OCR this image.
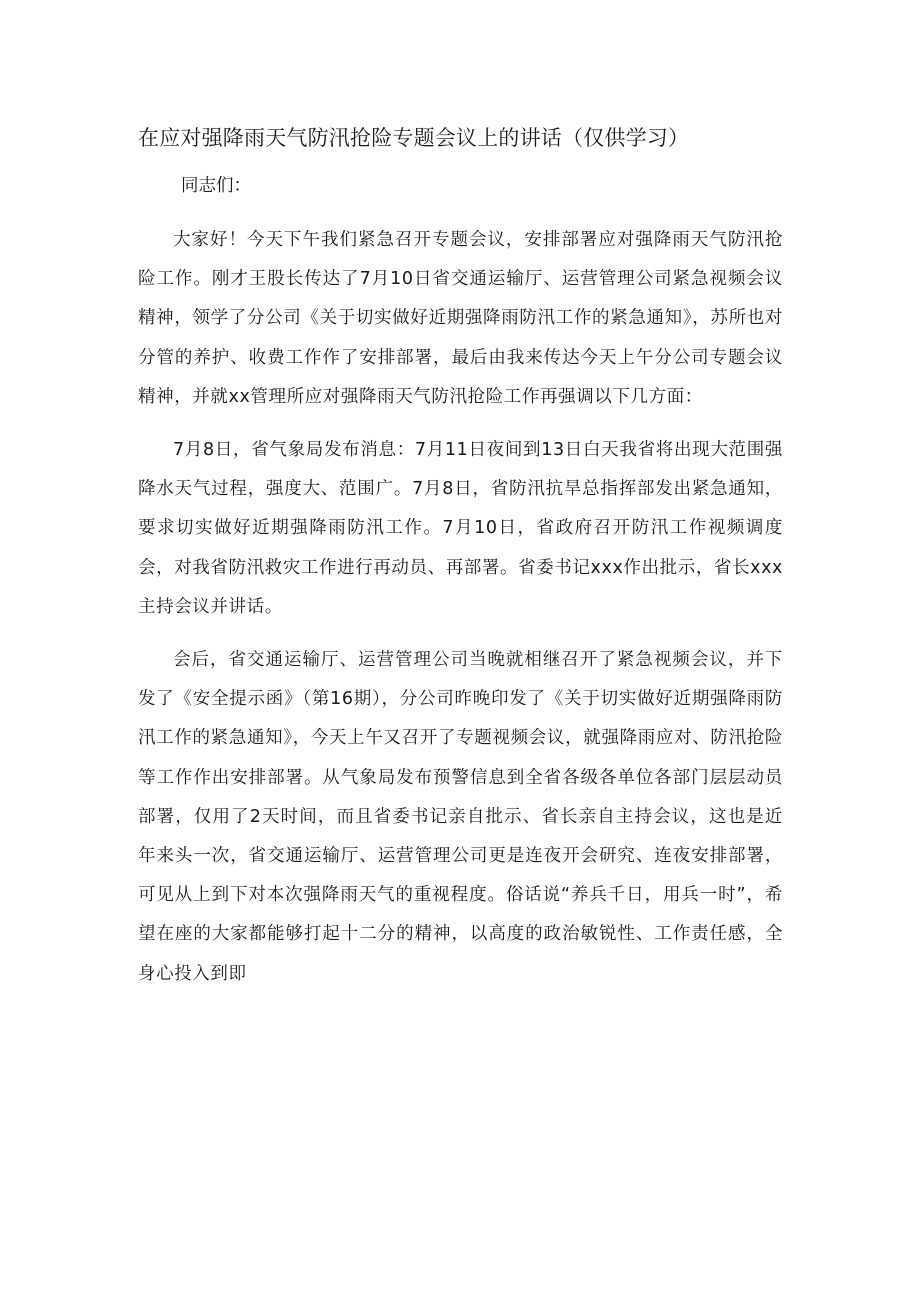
在应对强降雨天气防汛抢险专题会议上的讲话（仅供学习）

同志们：

大家好！今天下午我们紧急召开专题会议，安排部署应对强降雨天气防汛抢险工作。刚才王股长传达了7月10日省交通运输厅、运营管理公司紧急视频会议精神，领学了分公司《关于切实做好近期强降雨防汛工作的紧急通知》，苏所也对分管的养护、收费工作作了安排部署，最后由我来传达今天上午分公司专题会议精神，并就xx管理所应对强降雨天气防汛抢险工作再强调以下几方面：

7月8日，省气象局发布消息：7月11日夜间到13日白天我省将出现大范围强降水天气过程，强度大、范围广。7月8日，省防汛抗旱总指挥部发出紧急通知，要求切实做好近期强降雨防汛工作。7月10日，省政府召开防汛工作视频调度会，对我省防汛救灾工作进行再动员、再部署。省委书记xxx作出批示，省长xxx主持会议并讲话。

会后，省交通运输厅、运营管理公司当晚就相继召开了紧急视频会议，并下发了《安全提示函》（第16期），分公司昨晚印发了《关于切实做好近期强降雨防汛工作的紧急通知》，今天上午又召开了专题视频会议，就强降雨应对、防汛抢险等工作作出安排部署。从气象局发布预警信息到全省各级各单位各部门层层动员部署，仅用了2天时间，而且省委书记亲自批示、省长亲自主持会议，这也是近年来头一次，省交通运输厅、运营管理公司更是连夜开会研究、连夜安排部署，可见从上到下对本次强降雨天气的重视程度。俗话说“养兵千日，用兵一时”，希望在座的大家都能够打起十二分的精神，以高度的政治敏锐性、工作责任感，全身心投入到即
